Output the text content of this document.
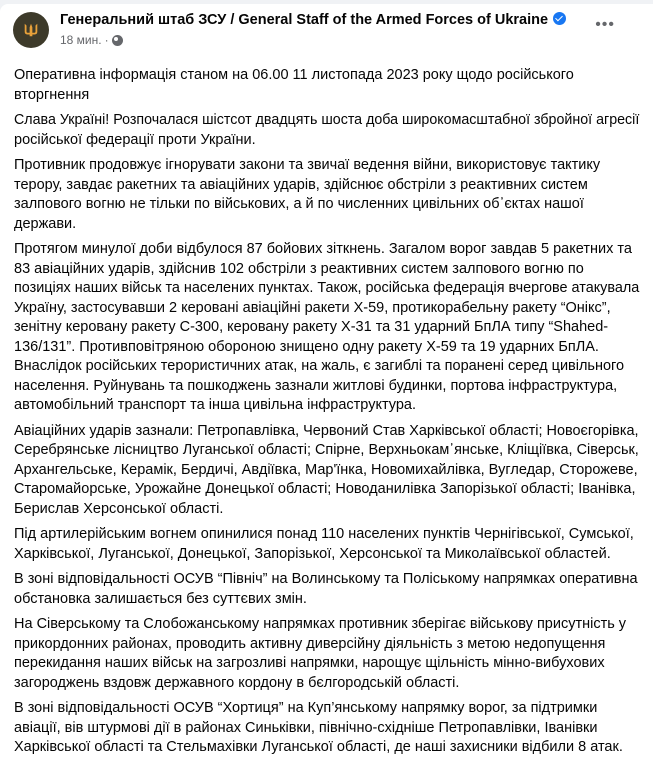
Генеральний штаб ЗСУ / General Staff of the Armed Forces of Ukraine
18 мин. ·
•••
Оперативна інформація станом на 06.00 11 листопада 2023 року щодо російського
вторгнення
Слава Україні! Розпочалася шістсот двадцять шоста доба широкомасштабної збройної агресії
російської федерації проти України.
Противник продовжує ігнорувати закони та звичаї ведення війни, використовує тактику
терору, завдає ракетних та авіаційних ударів, здійснює обстріли з реактивних систем
залпового вогню не тільки по військових, а й по численних цивільних об᾽єктах нашої
держави.
Протягом минулої доби відбулося 87 бойових зіткнень. Загалом ворог завдав 5 ракетних та
83 авіаційних ударів, здійснив 102 обстріли з реактивних систем залпового вогню по
позиціях наших військ та населених пунктах. Також, російська федерація вчергове атакувала
Україну, застосувавши 2 керовані авіаційні ракети Х-59, протикорабельну ракету “Онікс”,
зенітну керовану ракету С-300, керовану ракету Х-31 та 31 ударний БпЛА типу “Shahed-
136/131”. Противповітряною обороною знищено одну ракету Х-59 та 19 ударних БпЛА.
Внаслідок російських терористичних атак, на жаль, є загиблі та поранені серед цивільного
населення. Руйнувань та пошкоджень зазнали житлові будинки, портова інфраструктура,
автомобільний транспорт та інша цивільна інфраструктура.
Авіаційних ударів зазнали: Петропавлівка, Червоний Став Харківської області; Новоєгорівка,
Серебрянське лісництво Луганської області; Спірне, Верхньокам᾽янське, Кліщіївка, Сіверськ,
Архангельське, Керамік, Бердичі, Авдіївка, Мар'їнка, Новомихайлівка, Вугледар, Сторожеве,
Старомайорське, Урожайне Донецької області; Новоданилівка Запорізької області; Іванівка,
Берислав Херсонської області.
Під артилерійським вогнем опинилися понад 110 населених пунктів Чернігівської, Сумської,
Харківської, Луганської, Донецької, Запорізької, Херсонської та Миколаївської областей.
В зоні відповідальності ОСУВ “Північ” на Волинському та Поліському напрямках оперативна
обстановка залишається без суттєвих змін.
На Сіверському та Слобожанському напрямках противник зберігає військову присутність у
прикордонних районах, проводить активну диверсійну діяльність з метою недопущення
перекидання наших військ на загрозливі напрямки, нарощує щільність мінно-вибухових
загороджень вздовж державного кордону в бєлгородській області.
В зоні відповідальності ОСУВ “Хортиця” на Куп’янському напрямку ворог, за підтримки
авіації, вів штурмові дії в районах Синьківки, північно-східніше Петропавлівки, Іванівки
Харківської області та Стельмахівки Луганської області, де наші захисники відбили 8 атак.
